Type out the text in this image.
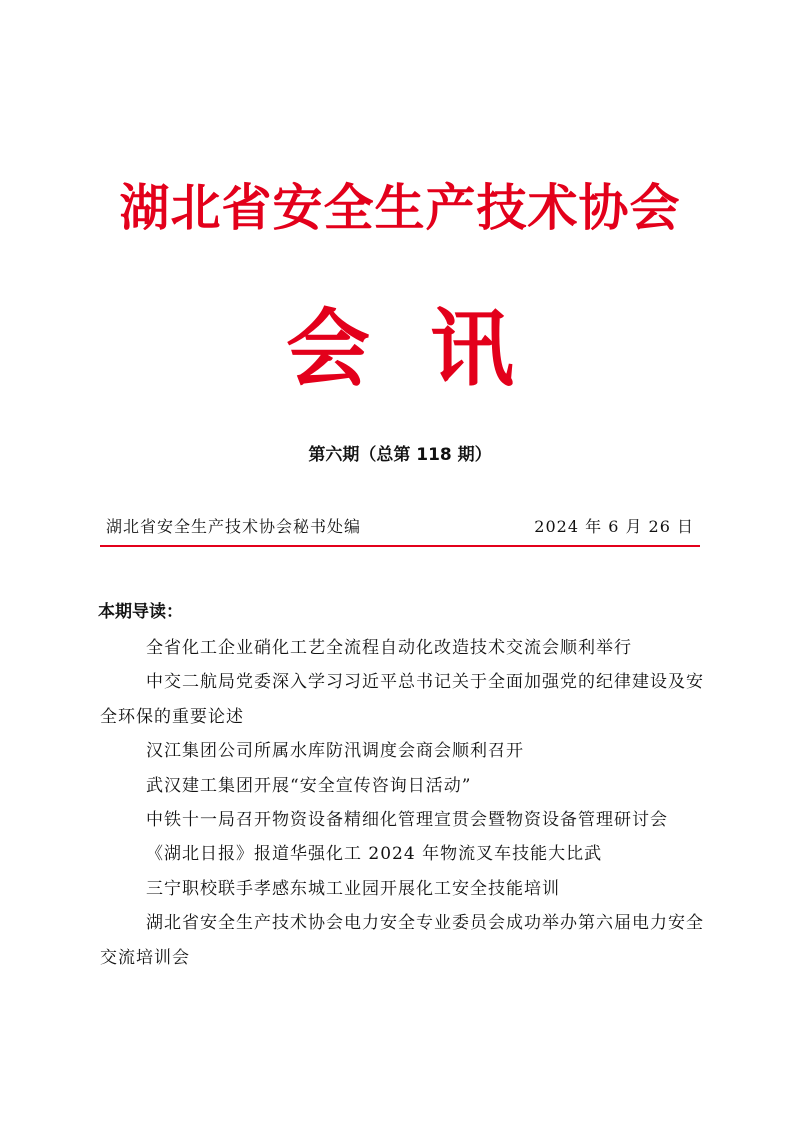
湖北省安全生产技术协会
会讯
第六期（总第 118 期）
湖北省安全生产技术协会秘书处编	2024 年 6 月 26 日
本期导读：
全省化工企业硝化工艺全流程自动化改造技术交流会顺利举行
中交二航局党委深入学习习近平总书记关于全面加强党的纪律建设及安全环保的重要论述
汉江集团公司所属水库防汛调度会商会顺利召开
武汉建工集团开展“安全宣传咨询日活动”
中铁十一局召开物资设备精细化管理宣贯会暨物资设备管理研讨会
《湖北日报》报道华强化工 2024 年物流叉车技能大比武
三宁职校联手孝感东城工业园开展化工安全技能培训
湖北省安全生产技术协会电力安全专业委员会成功举办第六届电力安全交流培训会
